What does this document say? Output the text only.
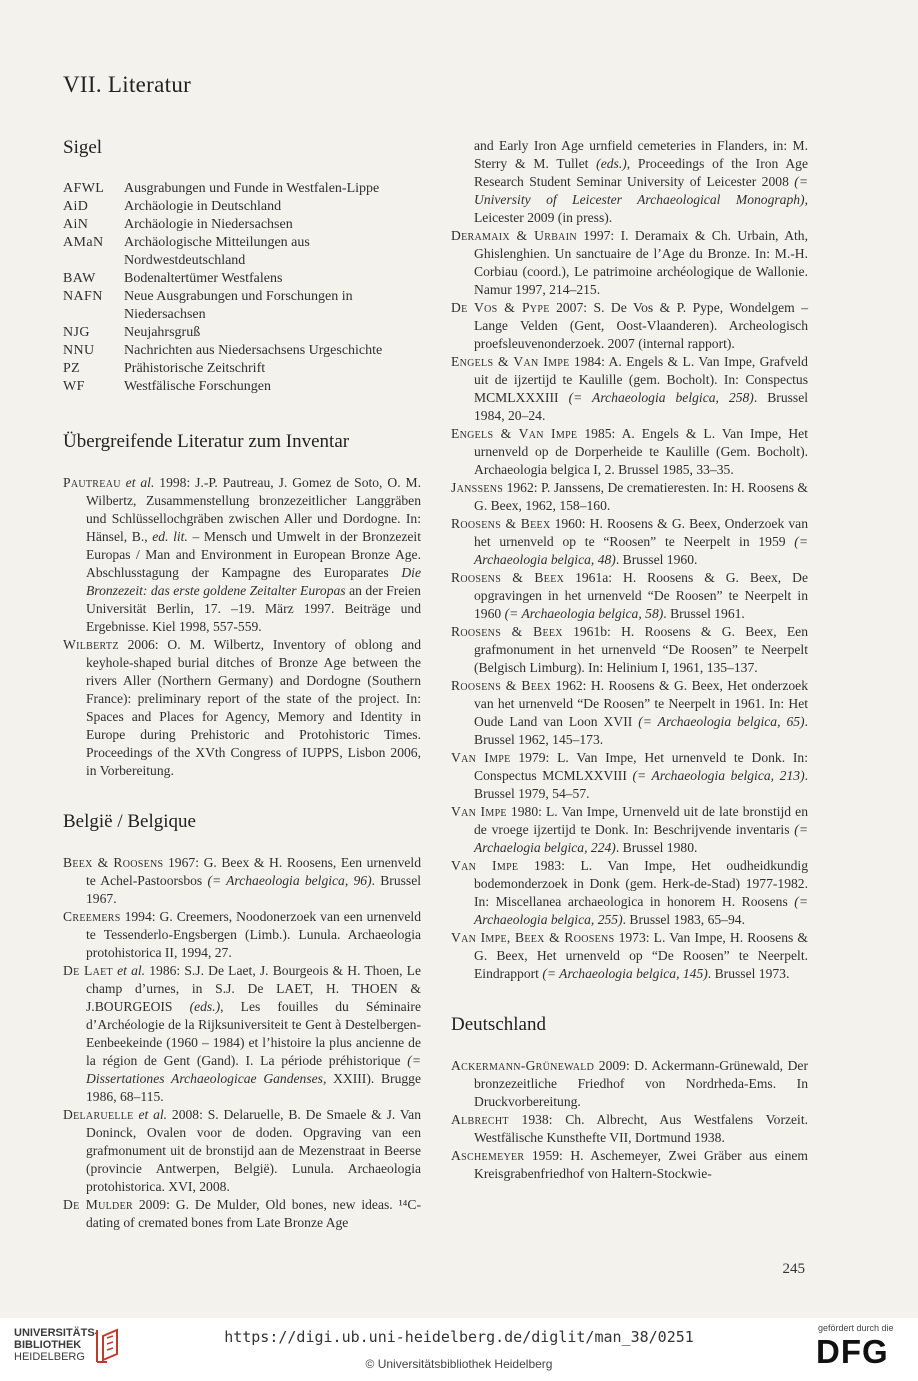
VII. Literatur
Sigel
AFWL	Ausgrabungen und Funde in Westfalen-Lippe
AiD	Archäologie in Deutschland
AiN	Archäologie in Niedersachsen
AMaN	Archäologische Mitteilungen aus Nordwestdeutschland
BAW	Bodenaltertümer Westfalens
NAFN	Neue Ausgrabungen und Forschungen in Niedersachsen
NJG	Neujahrsgruß
NNU	Nachrichten aus Niedersachsens Urgeschichte
PZ	Prähistorische Zeitschrift
WF	Westfälische Forschungen
Übergreifende Literatur zum Inventar

Pautreau et al. 1998: J.-P. Pautreau, J. Gomez de Soto, O. M. Wilbertz, Zusammenstellung bronzezeitlicher Langgräben und Schlüssellochgräben zwischen Aller und Dordogne. In: Hänsel, B., ed. lit. – Mensch und Umwelt in der Bronzezeit Europas / Man and Environment in European Bronze Age. Abschlusstagung der Kampagne des Europarates Die Bronzezeit: das erste goldene Zeitalter Europas an der Freien Universität Berlin, 17. –19. März 1997. Beiträge und Ergebnisse. Kiel 1998, 557-559.

Wilbertz 2006: O. M. Wilbertz, Inventory of oblong and keyhole-shaped burial ditches of Bronze Age between the rivers Aller (Northern Germany) and Dordogne (Southern France): preliminary report of the state of the project. In: Spaces and Places for Agency, Memory and Identity in Europe during Prehistoric and Protohistoric Times. Proceedings of the XVth Congress of IUPPS, Lisbon 2006, in Vorbereitung.

België / Belgique

Beex & Roosens 1967: G. Beex & H. Roosens, Een urnenveld te Achel-Pastoorsbos (= Archaeologia belgica, 96). Brussel 1967.

Creemers 1994: G. Creemers, Noodonerzoek van een urnenveld te Tessenderlo-Engsbergen (Limb.). Lunula. Archaeologia protohistorica II, 1994, 27.

De Laet et al. 1986: S.J. De Laet, J. Bourgeois & H. Thoen, Le champ d’urnes, in S.J. De LAET, H. THOEN & J.BOURGEOIS (eds.), Les fouilles du Séminaire d’Archéologie de la Rijksuniversiteit te Gent à Destelbergen-Eenbeekeinde (1960 – 1984) et l’histoire la plus ancienne de la région de Gent (Gand). I. La période préhistorique (= Dissertationes Archaeologicae Gandenses, XXIII). Brugge 1986, 68–115.

Delaruelle et al. 2008: S. Delaruelle, B. De Smaele & J. Van Doninck, Ovalen voor de doden. Opgraving van een grafmonument uit de bronstijd aan de Mezenstraat in Beerse (provincie Antwerpen, België). Lunula. Archaeologia protohistorica. XVI, 2008.

De Mulder 2009: G. De Mulder, Old bones, new ideas. ¹⁴C-dating of cremated bones from Late Bronze Age

and Early Iron Age urnfield cemeteries in Flanders, in: M. Sterry & M. Tullet (eds.), Proceedings of the Iron Age Research Student Seminar University of Leicester 2008 (= University of Leicester Archaeological Monograph), Leicester 2009 (in press).

Deramaix & Urbain 1997: I. Deramaix & Ch. Urbain, Ath, Ghislenghien. Un sanctuaire de l’Age du Bronze. In: M.-H. Corbiau (coord.), Le patrimoine archéologique de Wallonie. Namur 1997, 214–215.

De Vos & Pype 2007: S. De Vos & P. Pype, Wondelgem – Lange Velden (Gent, Oost-Vlaanderen). Archeologisch proefsleuvenonderzoek. 2007 (internal rapport).

Engels & Van Impe 1984: A. Engels & L. Van Impe, Grafveld uit de ijzertijd te Kaulille (gem. Bocholt). In: Conspectus MCMLXXXIII (= Archaeologia belgica, 258). Brussel 1984, 20–24.

Engels & Van Impe 1985: A. Engels & L. Van Impe, Het urnenveld op de Dorperheide te Kaulille (Gem. Bocholt). Archaeologia belgica I, 2. Brussel 1985, 33–35.

Janssens 1962: P. Janssens, De crematieresten. In: H. Roosens & G. Beex, 1962, 158–160.

Roosens & Beex 1960: H. Roosens & G. Beex, Onderzoek van het urnenveld op te “Roosen” te Neerpelt in 1959 (= Archaeologia belgica, 48). Brussel 1960.

Roosens & Beex 1961a: H. Roosens & G. Beex, De opgravingen in het urnenveld “De Roosen” te Neerpelt in 1960 (= Archaeologia belgica, 58). Brussel 1961.

Roosens & Beex 1961b: H. Roosens & G. Beex, Een grafmonument in het urnenveld “De Roosen” te Neerpelt (Belgisch Limburg). In: Helinium I, 1961, 135–137.

Roosens & Beex 1962: H. Roosens & G. Beex, Het onderzoek van het urnenveld “De Roosen” te Neerpelt in 1961. In: Het Oude Land van Loon XVII (= Archaeologia belgica, 65). Brussel 1962, 145–173.

Van Impe 1979: L. Van Impe, Het urnenveld te Donk. In: Conspectus MCMLXXVIII (= Archaeologia belgica, 213). Brussel 1979, 54–57.

Van Impe 1980: L. Van Impe, Urnenveld uit de late bronstijd en de vroege ijzertijd te Donk. In: Beschrijvende inventaris (= Archaelogia belgica, 224). Brussel 1980.

Van Impe 1983: L. Van Impe, Het oudheidkundig bodemonderzoek in Donk (gem. Herk-de-Stad) 1977-1982. In: Miscellanea archaeologica in honorem H. Roosens (= Archaeologia belgica, 255). Brussel 1983, 65–94.

Van Impe, Beex & Roosens 1973: L. Van Impe, H. Roosens & G. Beex, Het urnenveld op “De Roosen” te Neerpelt. Eindrapport (= Archaeologia belgica, 145). Brussel 1973.

Deutschland

Ackermann-Grünewald 2009: D. Ackermann-Grünewald, Der bronzezeitliche Friedhof von Nordrheda-Ems. In Druckvorbereitung.

Albrecht 1938: Ch. Albrecht, Aus Westfalens Vorzeit. Westfälische Kunsthefte VII, Dortmund 1938.

Aschemeyer 1959: H. Aschemeyer, Zwei Gräber aus einem Kreisgrabenfriedhof von Haltern-Stockwie-

245
UNIVERSITÄTS-
BIBLIOTHEK
HEIDELBERG
https://digi.ub.uni-heidelberg.de/diglit/man_38/0251
© Universitätsbibliothek Heidelberg
gefördert durch die
DFG
